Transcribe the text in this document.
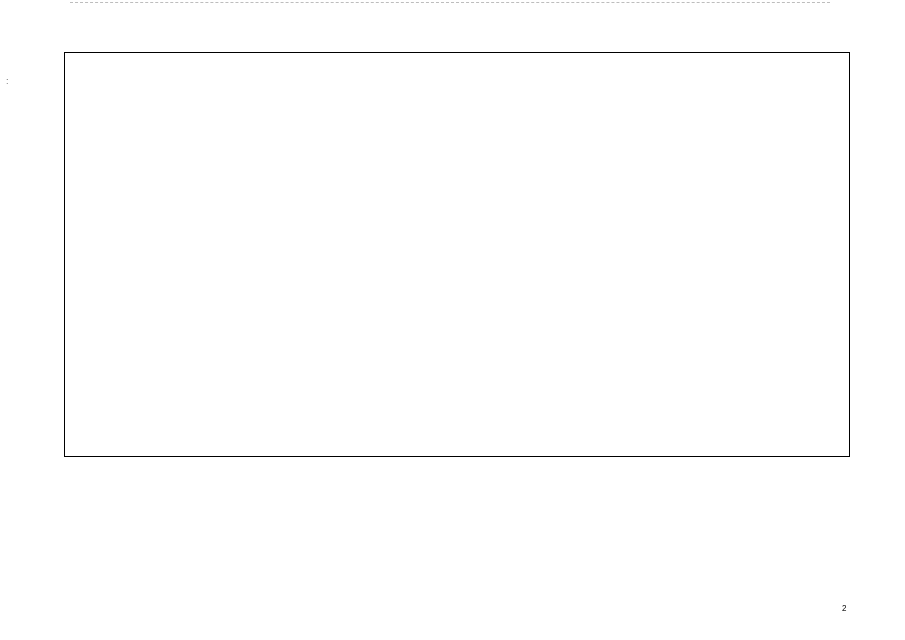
:

2
